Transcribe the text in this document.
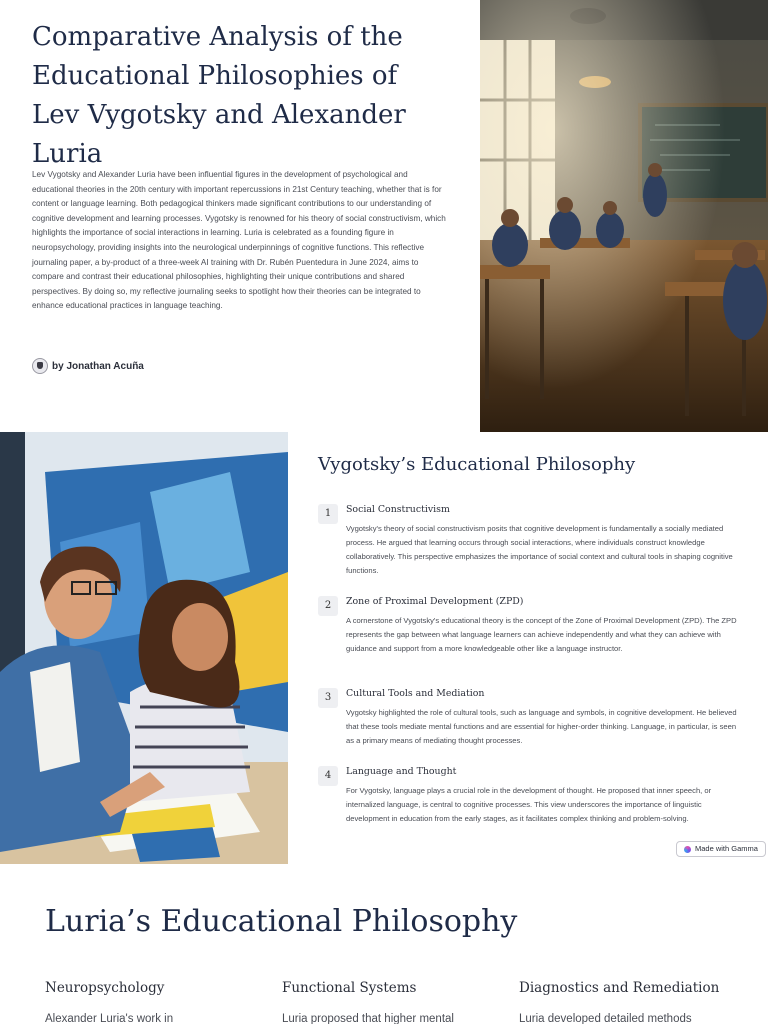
Comparative Analysis of the Educational Philosophies of Lev Vygotsky and Alexander Luria

Lev Vygotsky and Alexander Luria have been influential figures in the development of psychological and educational theories in the 20th century with important repercussions in 21st Century teaching, whether that is for content or language learning. Both pedagogical thinkers made significant contributions to our understanding of cognitive development and learning processes. Vygotsky is renowned for his theory of social constructivism, which highlights the importance of social interactions in learning. Luria is celebrated as a founding figure in neuropsychology, providing insights into the neurological underpinnings of cognitive functions. This reflective journaling paper, a by-product of a three-week AI training with Dr. Rubén Puentedura in June 2024, aims to compare and contrast their educational philosophies, highlighting their unique contributions and shared perspectives. By doing so, my reflective journaling seeks to spotlight how their theories can be integrated to enhance educational practices in language teaching.

by Jonathan Acuña
Vygotsky’s Educational Philosophy
1	Social Constructivism

Vygotsky's theory of social constructivism posits that cognitive development is fundamentally a socially mediated process. He argued that learning occurs through social interactions, where individuals construct knowledge collaboratively. This perspective emphasizes the importance of social context and cultural tools in shaping cognitive functions.

2	Zone of Proximal Development (ZPD)

A cornerstone of Vygotsky's educational theory is the concept of the Zone of Proximal Development (ZPD). The ZPD represents the gap between what language learners can achieve independently and what they can achieve with guidance and support from a more knowledgeable other like a language instructor.

3	Cultural Tools and Mediation

Vygotsky highlighted the role of cultural tools, such as language and symbols, in cognitive development. He believed that these tools mediate mental functions and are essential for higher-order thinking. Language, in particular, is seen as a primary means of mediating thought processes.

4	Language and Thought

For Vygotsky, language plays a crucial role in the development of thought. He proposed that inner speech, or internalized language, is central to cognitive processes. This view underscores the importance of linguistic development in education from the early stages, as it facilitates complex thinking and problem-solving.

Made with Gamma
Luria’s Educational Philosophy
Neuropsychology

Alexander Luria's work in

Functional Systems

Luria proposed that higher mental

Diagnostics and Remediation

Luria developed detailed methods
